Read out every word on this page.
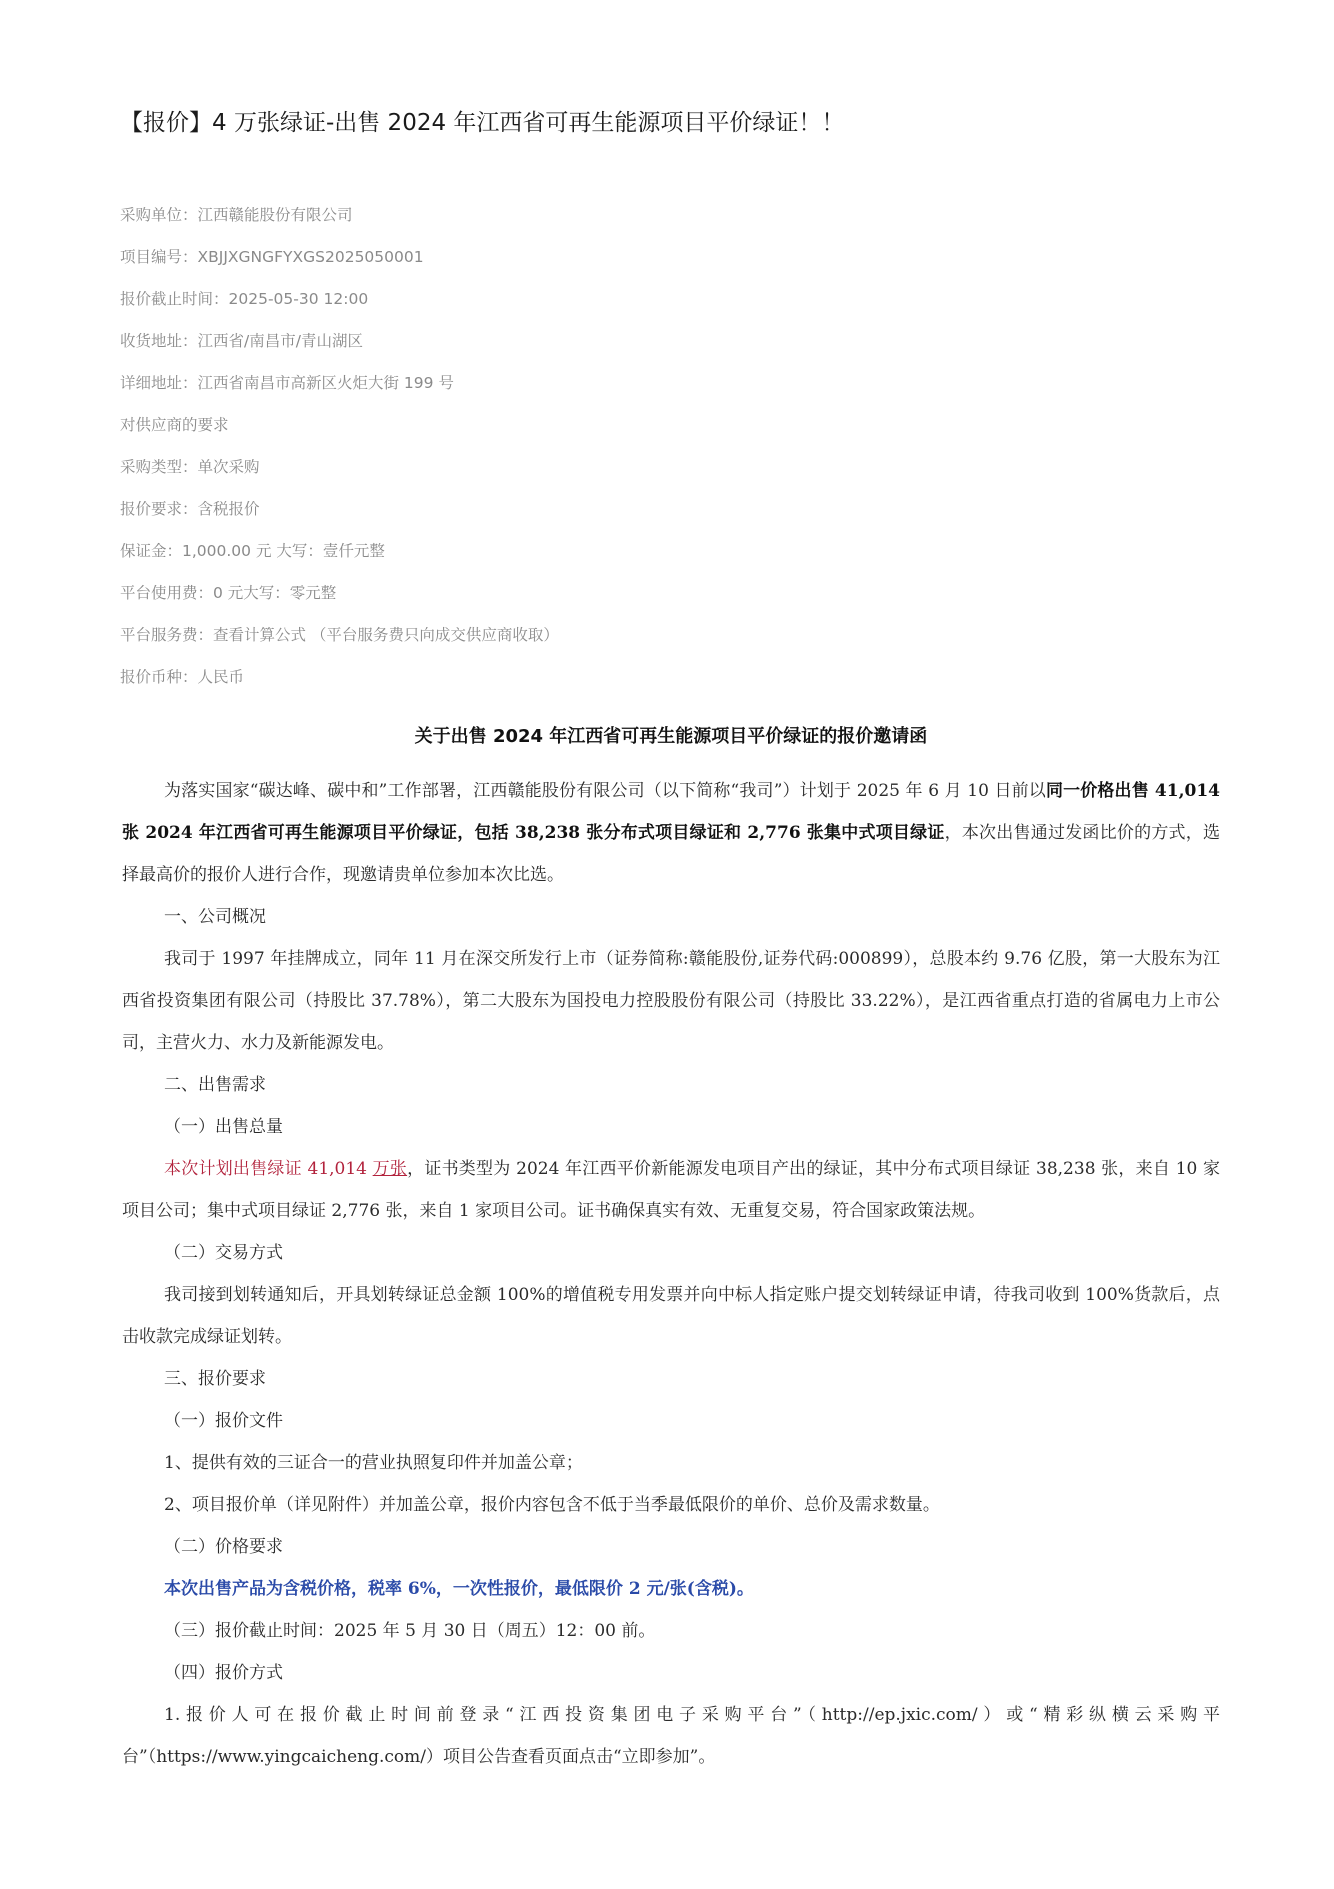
【报价】4 万张绿证-出售 2024 年江西省可再生能源项目平价绿证！！
采购单位：江西赣能股份有限公司
项目编号：XBJJXGNGFYXGS2025050001
报价截止时间：2025-05-30 12:00
收货地址：江西省/南昌市/青山湖区
详细地址：江西省南昌市高新区火炬大街 199 号
对供应商的要求
采购类型：单次采购
报价要求：含税报价
保证金：1,000.00 元 大写：壹仟元整
平台使用费：0 元大写：零元整
平台服务费：查看计算公式 （平台服务费只向成交供应商收取）
报价币种：人民币
关于出售 2024 年江西省可再生能源项目平价绿证的报价邀请函

为落实国家“碳达峰、碳中和”工作部署，江西赣能股份有限公司（以下简称“我司”）计划于 2025 年 6 月 10 日前以同一价格出售 41,014 张 2024 年江西省可再生能源项目平价绿证，包括 38,238 张分布式项目绿证和 2,776 张集中式项目绿证，本次出售通过发函比价的方式，选择最高价的报价人进行合作，现邀请贵单位参加本次比选。

一、公司概况

我司于 1997 年挂牌成立，同年 11 月在深交所发行上市（证券简称:赣能股份,证券代码:000899），总股本约 9.76 亿股，第一大股东为江西省投资集团有限公司（持股比 37.78%），第二大股东为国投电力控股股份有限公司（持股比 33.22%），是江西省重点打造的省属电力上市公司，主营火力、水力及新能源发电。

二、出售需求

（一）出售总量

本次计划出售绿证 41,014 万张，证书类型为 2024 年江西平价新能源发电项目产出的绿证，其中分布式项目绿证 38,238 张，来自 10 家项目公司；集中式项目绿证 2,776 张，来自 1 家项目公司。证书确保真实有效、无重复交易，符合国家政策法规。

（二）交易方式

我司接到划转通知后，开具划转绿证总金额 100%的增值税专用发票并向中标人指定账户提交划转绿证申请，待我司收到 100%货款后，点击收款完成绿证划转。

三、报价要求

（一）报价文件

1、提供有效的三证合一的营业执照复印件并加盖公章；

2、项目报价单（详见附件）并加盖公章，报价内容包含不低于当季最低限价的单价、总价及需求数量。

（二）价格要求

本次出售产品为含税价格，税率 6%，一次性报价，最低限价 2 元/张(含税)。

（三）报价截止时间：2025 年 5 月 30 日（周五）12：00 前。

（四）报价方式

1.报价人可在报价截止时间前登录“江西投资集团电子采购平台”（http://ep.jxic.com/）或“精彩纵横云采购平台”（https://www.yingcaicheng.com/）项目公告查看页面点击“立即参加”。
